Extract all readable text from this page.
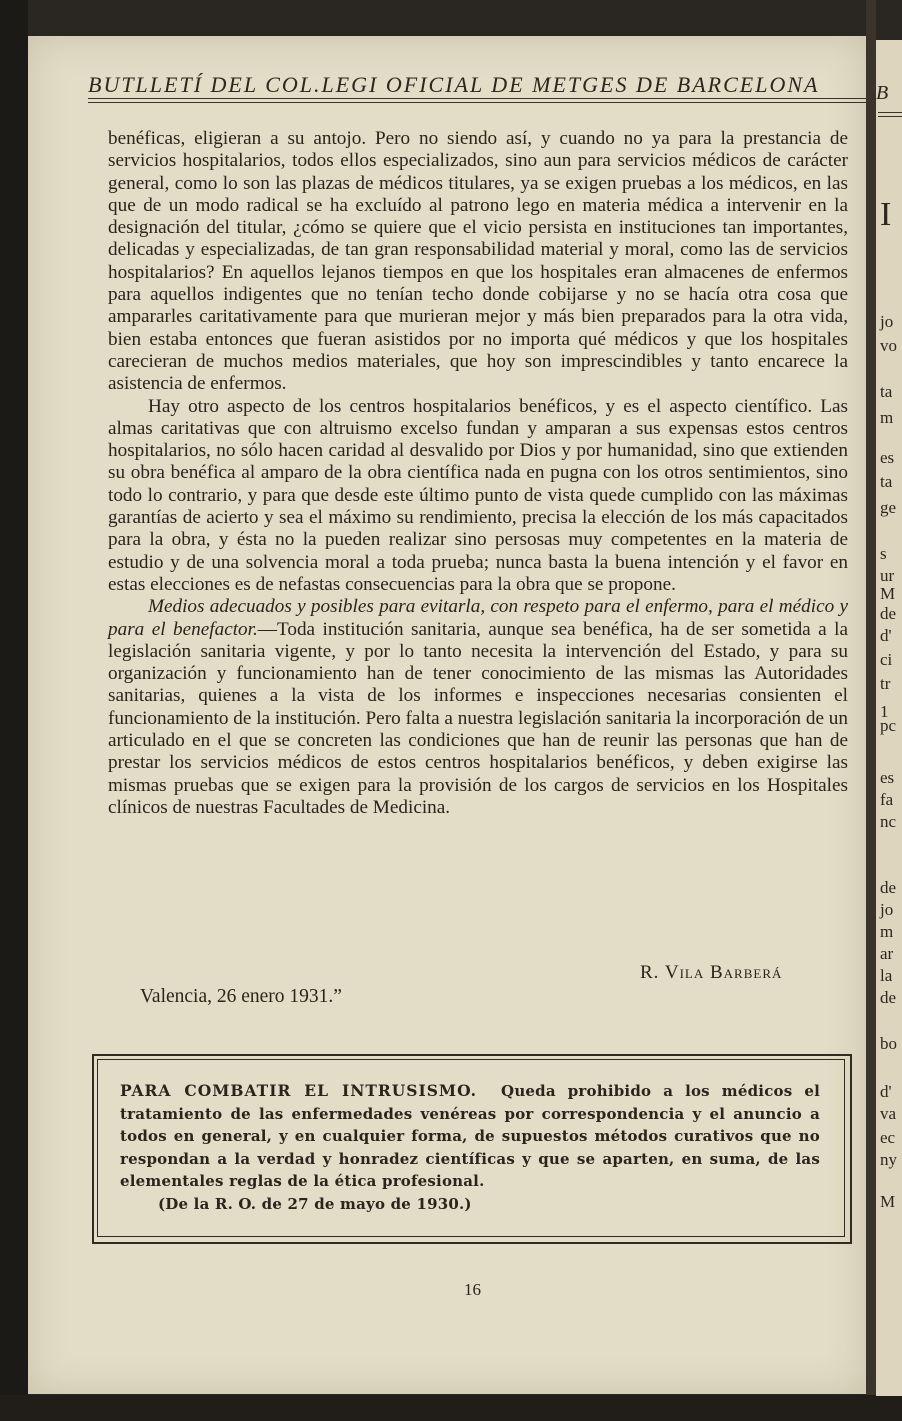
BUTLLETÍ DEL COL.LEGI OFICIAL DE METGES DE BARCELONA

benéficas, eligieran a su antojo. Pero no siendo así, y cuando no ya para la prestancia de servicios hospitalarios, todos ellos especializados, sino aun para servicios médicos de carácter general, como lo son las plazas de médicos titulares, ya se exigen pruebas a los médicos, en las que de un modo radical se ha excluído al patrono lego en materia médica a intervenir en la designación del titular, ¿cómo se quiere que el vicio persista en instituciones tan importantes, delicadas y especializadas, de tan gran responsabilidad material y moral, como las de servicios hospitalarios? En aquellos lejanos tiempos en que los hospitales eran almacenes de enfermos para aquellos indigentes que no tenían techo donde cobijarse y no se hacía otra cosa que ampararles caritativamente para que murieran mejor y más bien preparados para la otra vida, bien estaba entonces que fueran asistidos por no importa qué médicos y que los hospitales carecieran de muchos medios materiales, que hoy son imprescindibles y tanto encarece la asistencia de enfermos.

Hay otro aspecto de los centros hospitalarios benéficos, y es el aspecto científico. Las almas caritativas que con altruismo excelso fundan y amparan a sus expensas estos centros hospitalarios, no sólo hacen caridad al desvalido por Dios y por humanidad, sino que extienden su obra benéfica al amparo de la obra científica nada en pugna con los otros sentimientos, sino todo lo contrario, y para que desde este último punto de vista quede cumplido con las máximas garantías de acierto y sea el máximo su rendimiento, precisa la elección de los más capacitados para la obra, y ésta no la pueden realizar sino persosas muy competentes en la materia de estudio y de una solvencia moral a toda prueba; nunca basta la buena intención y el favor en estas elecciones es de nefastas consecuencias para la obra que se propone.

Medios adecuados y posibles para evitarla, con respeto para el enfermo, para el médico y para el benefactor.—Toda institución sanitaria, aunque sea benéfica, ha de ser sometida a la legislación sanitaria vigente, y por lo tanto necesita la intervención del Estado, y para su organización y funcionamiento han de tener conocimiento de las mismas las Autoridades sanitarias, quienes a la vista de los informes e inspecciones necesarias consienten el funcionamiento de la institución. Pero falta a nuestra legislación sanitaria la incorporación de un articulado en el que se concreten las condiciones que han de reunir las personas que han de prestar los servicios médicos de estos centros hospitalarios benéficos, y deben exigirse las mismas pruebas que se exigen para la provisión de los cargos de servicios en los Hospitales clínicos de nuestras Facultades de Medicina.

R. Vila Barberá
Valencia, 26 enero 1931.”
PARA COMBATIR EL INTRUSISMO. Queda prohibido a los médicos el tratamiento de las enfermedades venéreas por correspondencia y el anuncio a todos en general, y en cualquier forma, de supuestos métodos curativos que no respondan a la verdad y honradez científicas y que se aparten, en suma, de las elementales reglas de la ética profesional.
(De la R. O. de 27 de mayo de 1930.)
16
B
I
jo
vo
ta
m
es
ta
ge
s
ur
M
de
d'
ci
tr
1
pc
es
fa
nc
de
jo
m
ar
la
de
bo
d'
va
ec
ny
M
